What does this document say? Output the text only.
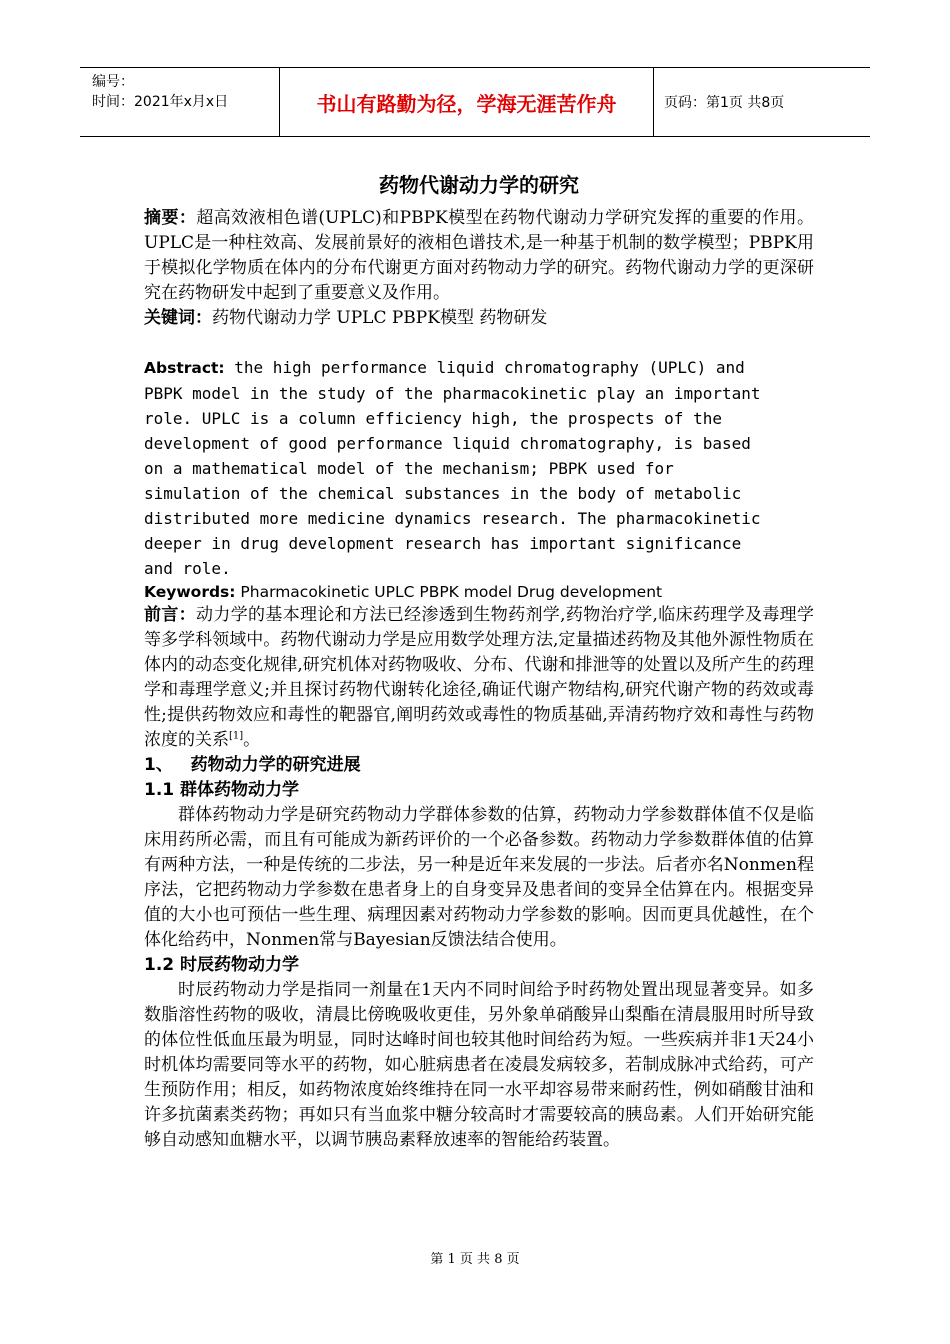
编号：
时间：2021年x月x日	书山有路勤为径，学海无涯苦作舟	页码：第1页 共8页
药物代谢动力学的研究

摘要：超高效液相色谱(UPLC)和PBPK模型在药物代谢动力学研究发挥的重要的作用。UPLC是一种柱效高、发展前景好的液相色谱技术,是一种基于机制的数学模型；PBPK用于模拟化学物质在体内的分布代谢更方面对药物动力学的研究。药物代谢动力学的更深研究在药物研发中起到了重要意义及作用。

关键词：药物代谢动力学 UPLC PBPK模型 药物研发

Abstract: the high performance liquid chromatography (UPLC) and
PBPK model in the study of the pharmacokinetic play an important
role. UPLC is a column efficiency high, the prospects of the
development of good performance liquid chromatography, is based
on a mathematical model of the mechanism; PBPK used for
simulation of the chemical substances in the body of metabolic
distributed more medicine dynamics research. The pharmacokinetic
deeper in drug development research has important significance
and role.

Keywords: Pharmacokinetic UPLC PBPK model Drug development

前言：动力学的基本理论和方法已经渗透到生物药剂学,药物治疗学,临床药理学及毒理学等多学科领域中。药物代谢动力学是应用数学处理方法,定量描述药物及其他外源性物质在体内的动态变化规律,研究机体对药物吸收、分布、代谢和排泄等的处置以及所产生的药理学和毒理学意义;并且探讨药物代谢转化途径,确证代谢产物结构,研究代谢产物的药效或毒性;提供药物效应和毒性的靶器官,阐明药效或毒性的物质基础,弄清药物疗效和毒性与药物浓度的关系[1]。

1、   药物动力学的研究进展

1.1 群体药物动力学

群体药物动力学是研究药物动力学群体参数的估算，药物动力学参数群体值不仅是临床用药所必需，而且有可能成为新药评价的一个必备参数。药物动力学参数群体值的估算有两种方法，一种是传统的二步法，另一种是近年来发展的一步法。后者亦名Nonmen程序法，它把药物动力学参数在患者身上的自身变异及患者间的变异全估算在内。根据变异值的大小也可预估一些生理、病理因素对药物动力学参数的影响。因而更具优越性，在个体化给药中，Nonmen常与Bayesian反馈法结合使用。

1.2 时辰药物动力学

时辰药物动力学是指同一剂量在1天内不同时间给予时药物处置出现显著变异。如多数脂溶性药物的吸收，清晨比傍晚吸收更佳，另外象单硝酸异山梨酯在清晨服用时所导致的体位性低血压最为明显，同时达峰时间也较其他时间给药为短。一些疾病并非1天24小时机体均需要同等水平的药物，如心脏病患者在凌晨发病较多，若制成脉冲式给药，可产生预防作用；相反，如药物浓度始终维持在同一水平却容易带来耐药性，例如硝酸甘油和许多抗菌素类药物；再如只有当血浆中糖分较高时才需要较高的胰岛素。人们开始研究能够自动感知血糖水平，以调节胰岛素释放速率的智能给药装置。

第 1 页 共 8 页
